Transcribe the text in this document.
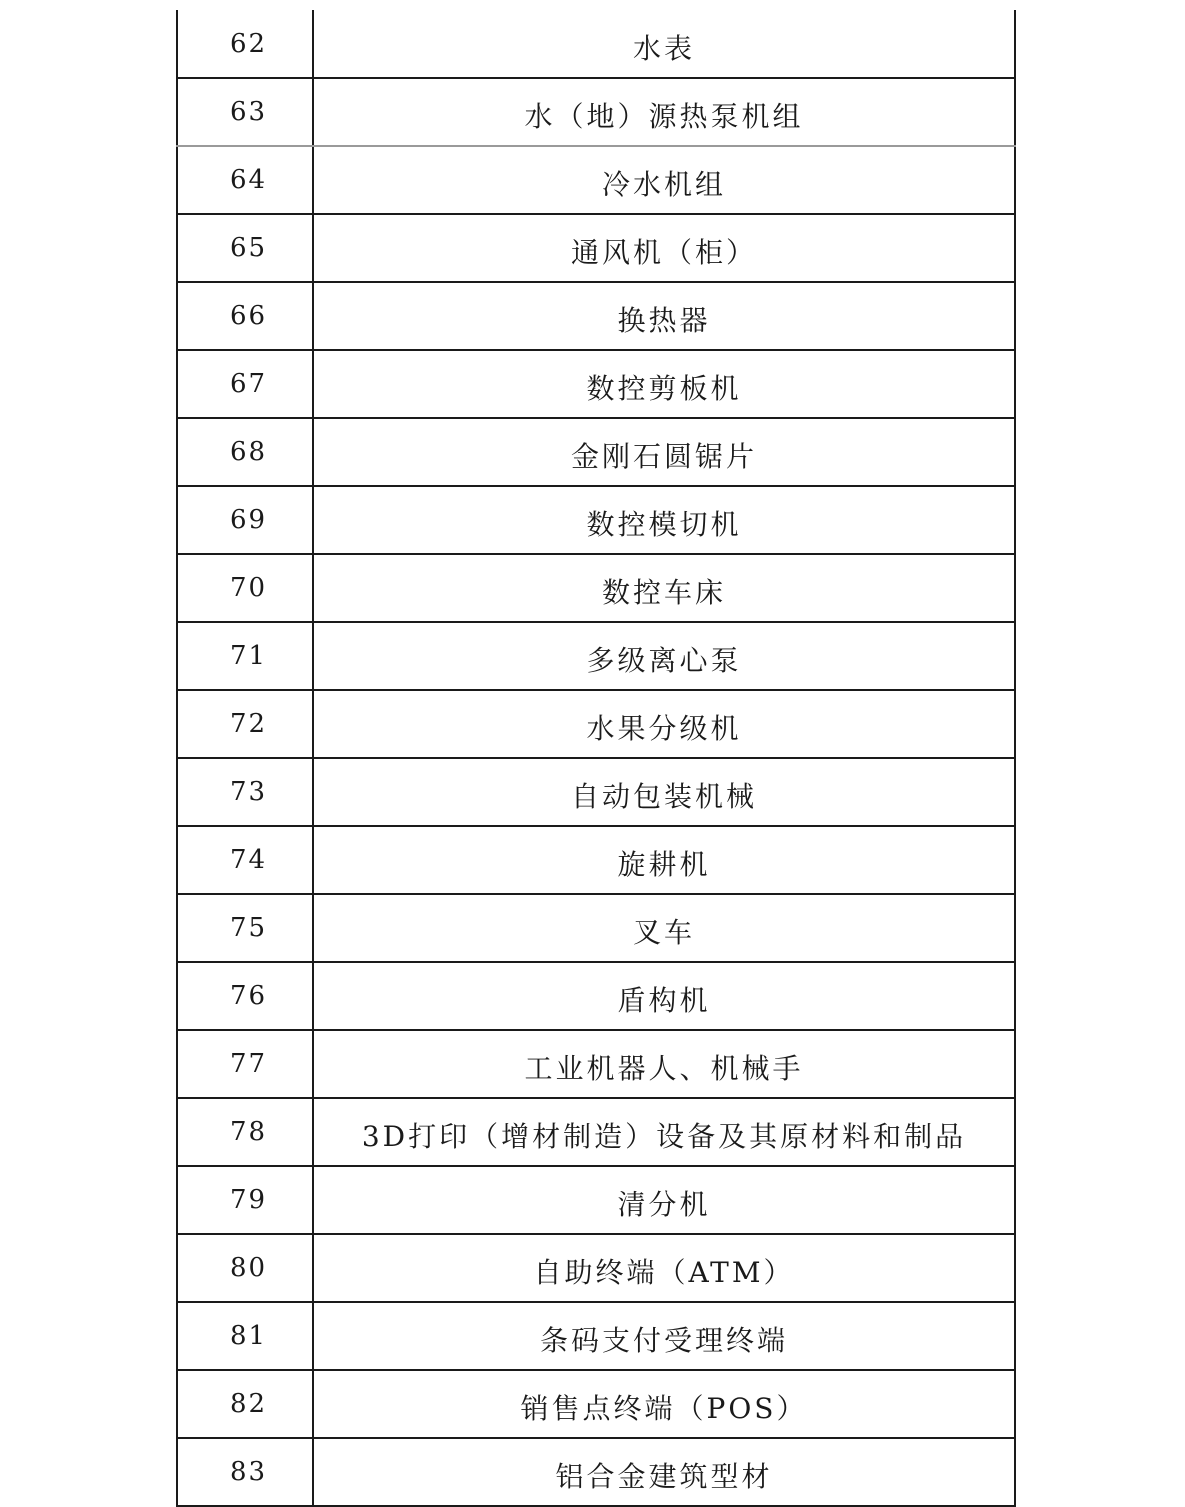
62	水表
63	水（地）源热泵机组
64	冷水机组
65	通风机（柜）
66	换热器
67	数控剪板机
68	金刚石圆锯片
69	数控模切机
70	数控车床
71	多级离心泵
72	水果分级机
73	自动包装机械
74	旋耕机
75	叉车
76	盾构机
77	工业机器人、机械手
78	3D打印（增材制造）设备及其原材料和制品
79	清分机
80	自助终端（ATM）
81	条码支付受理终端
82	销售点终端（POS）
83	铝合金建筑型材
